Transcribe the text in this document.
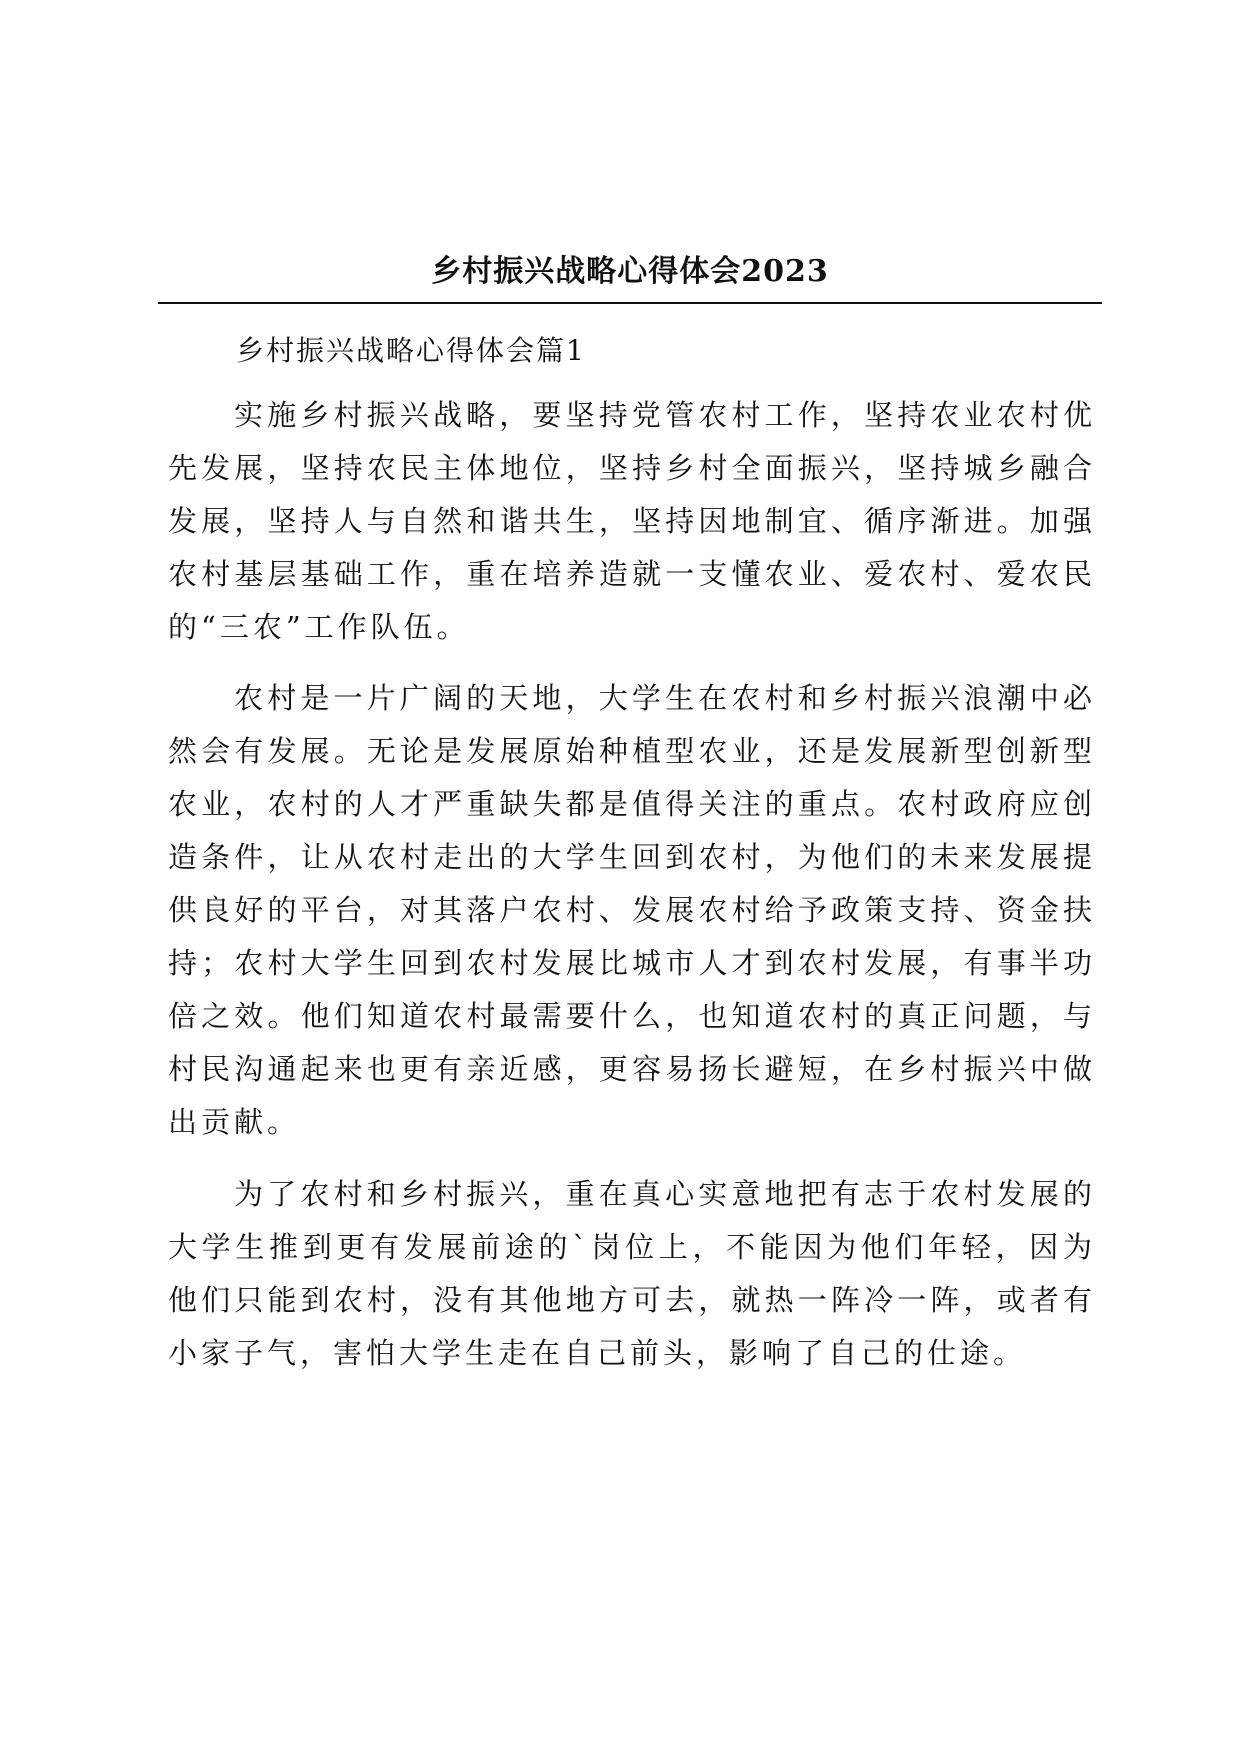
乡村振兴战略心得体会2023

乡村振兴战略心得体会篇1

实施乡村振兴战略，要坚持党管农村工作，坚持农业农村优先发展，坚持农民主体地位，坚持乡村全面振兴，坚持城乡融合发展，坚持人与自然和谐共生，坚持因地制宜、循序渐进。加强农村基层基础工作，重在培养造就一支懂农业、爱农村、爱农民的“三农”工作队伍。

农村是一片广阔的天地，大学生在农村和乡村振兴浪潮中必然会有发展。无论是发展原始种植型农业，还是发展新型创新型农业，农村的人才严重缺失都是值得关注的重点。农村政府应创造条件，让从农村走出的大学生回到农村，为他们的未来发展提供良好的平台，对其落户农村、发展农村给予政策支持、资金扶持；农村大学生回到农村发展比城市人才到农村发展，有事半功倍之效。他们知道农村最需要什么，也知道农村的真正问题，与村民沟通起来也更有亲近感，更容易扬长避短，在乡村振兴中做出贡献。

为了农村和乡村振兴，重在真心实意地把有志于农村发展的大学生推到更有发展前途的`岗位上，不能因为他们年轻，因为他们只能到农村，没有其他地方可去，就热一阵冷一阵，或者有小家子气，害怕大学生走在自己前头，影响了自己的仕途。
